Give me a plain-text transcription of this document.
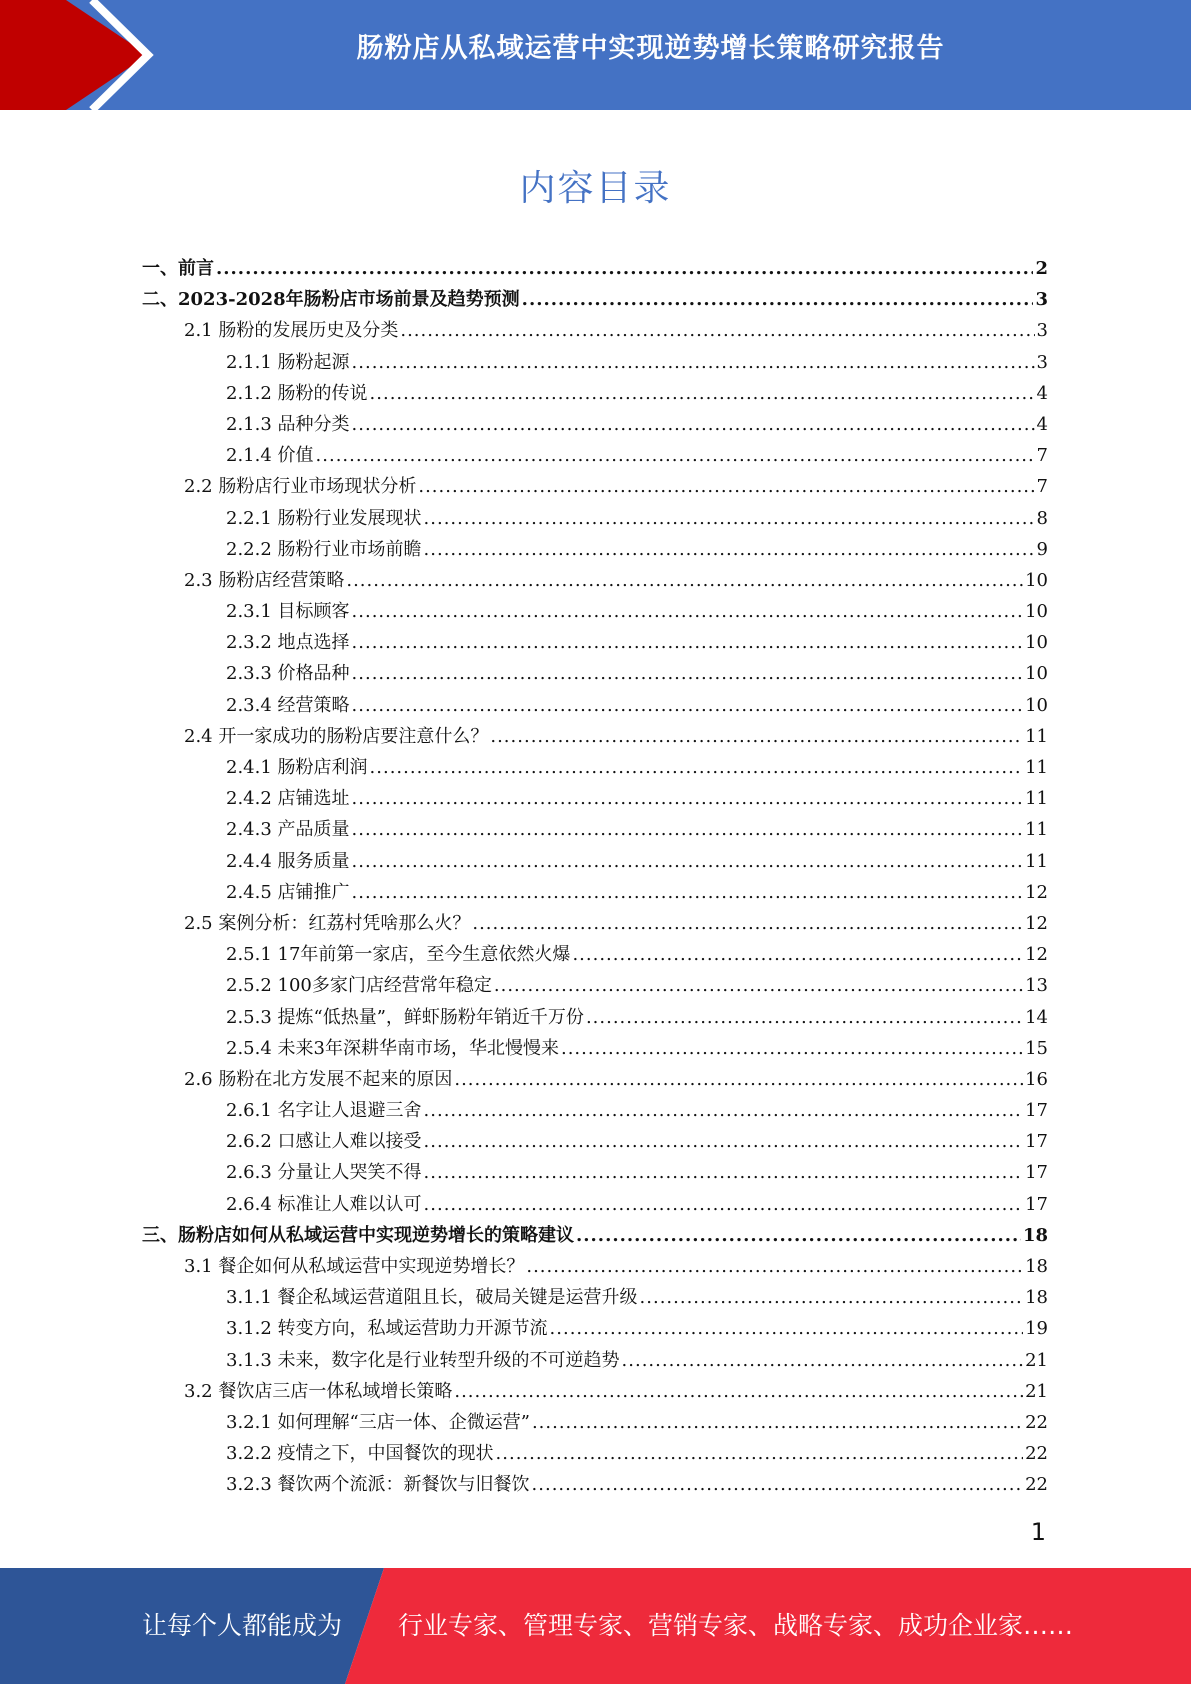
肠粉店从私域运营中实现逆势增长策略研究报告
内容目录
一、前言 .....	2
二、2023-2028年肠粉店市场前景及趋势预测 .....	3
2.1 肠粉的发展历史及分类 .....	3
2.1.1 肠粉起源 .....	3
2.1.2 肠粉的传说 .....	4
2.1.3 品种分类 .....	4
2.1.4 价值 .....	7
2.2 肠粉店行业市场现状分析 .....	7
2.2.1 肠粉行业发展现状 .....	8
2.2.2 肠粉行业市场前瞻 .....	9
2.3 肠粉店经营策略 .....	10
2.3.1 目标顾客 .....	10
2.3.2 地点选择 .....	10
2.3.3 价格品种 .....	10
2.3.4 经营策略 .....	10
2.4 开一家成功的肠粉店要注意什么？ .....	11
2.4.1 肠粉店利润 .....	11
2.4.2 店铺选址 .....	11
2.4.3 产品质量 .....	11
2.4.4 服务质量 .....	11
2.4.5 店铺推广 .....	12
2.5 案例分析：红荔村凭啥那么火？ .....	12
2.5.1 17年前第一家店，至今生意依然火爆 .....	12
2.5.2 100多家门店经营常年稳定 .....	13
2.5.3 提炼“低热量”，鲜虾肠粉年销近千万份 .....	14
2.5.4 未来3年深耕华南市场，华北慢慢来 .....	15
2.6 肠粉在北方发展不起来的原因 .....	16
2.6.1 名字让人退避三舍 .....	17
2.6.2 口感让人难以接受 .....	17
2.6.3 分量让人哭笑不得 .....	17
2.6.4 标准让人难以认可 .....	17
三、肠粉店如何从私域运营中实现逆势增长的策略建议 .....	18
3.1 餐企如何从私域运营中实现逆势增长？ .....	18
3.1.1 餐企私域运营道阻且长，破局关键是运营升级 .....	18
3.1.2 转变方向，私域运营助力开源节流 .....	19
3.1.3 未来，数字化是行业转型升级的不可逆趋势 .....	21
3.2 餐饮店三店一体私域增长策略 .....	21
3.2.1 如何理解“三店一体、企微运营” .....	22
3.2.2 疫情之下，中国餐饮的现状 .....	22
3.2.3 餐饮两个流派：新餐饮与旧餐饮 .....	22
1
让每个人都能成为 行业专家、管理专家、营销专家、战略专家、成功企业家……
